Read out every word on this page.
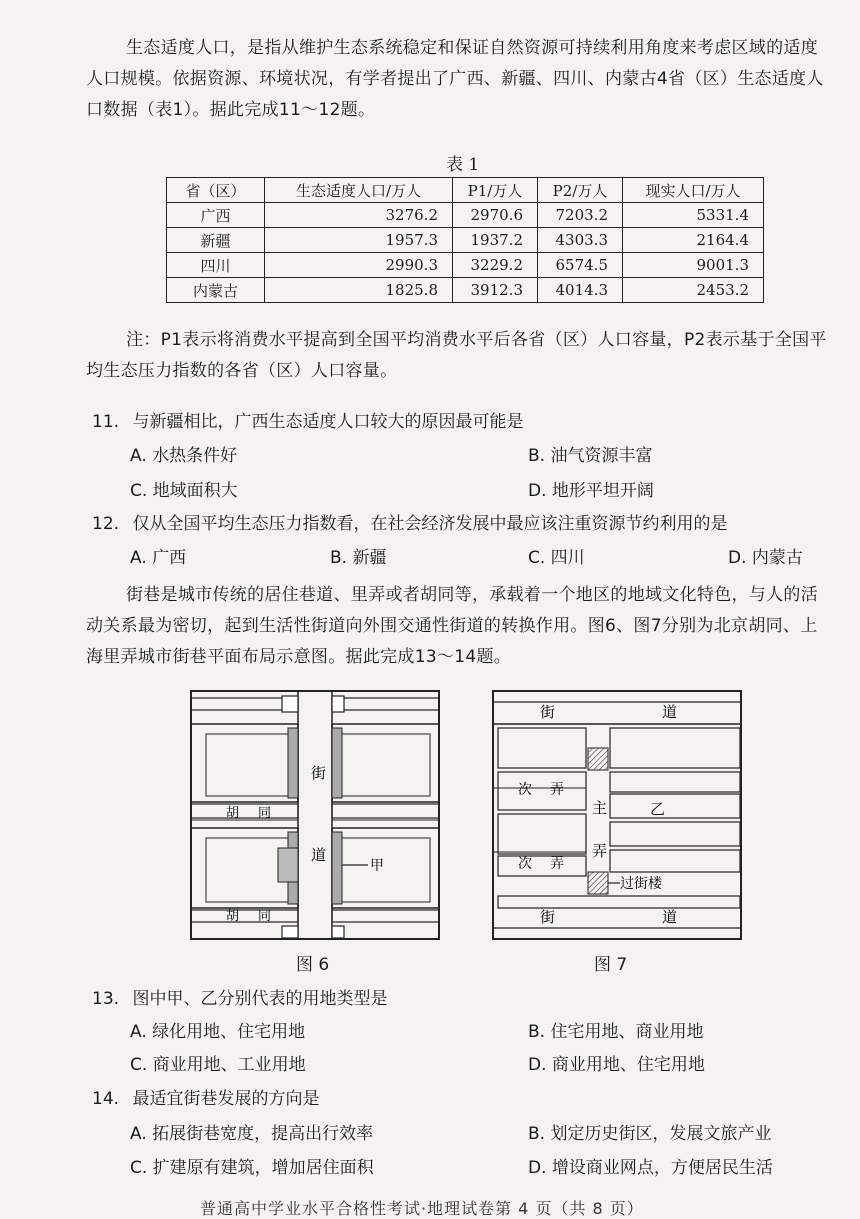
生态适度人口，是指从维护生态系统稳定和保证自然资源可持续利用角度来考虑区域的适度人口规模。依据资源、环境状况，有学者提出了广西、新疆、四川、内蒙古4省（区）生态适度人口数据（表1）。据此完成11～12题。

表 1
省（区）	生态适度人口/万人	P1/万人	P2/万人	现实人口/万人
广西	3276.2	2970.6	7203.2	5331.4
新疆	1957.3	1937.2	4303.3	2164.4
四川	2990.3	3229.2	6574.5	9001.3
内蒙古	1825.8	3912.3	4014.3	2453.2

注：P1表示将消费水平提高到全国平均消费水平后各省（区）人口容量，P2表示基于全国平均生态压力指数的各省（区）人口容量。

11. 与新疆相比，广西生态适度人口较大的原因最可能是
A. 水热条件好	B. 油气资源丰富
C. 地域面积大	D. 地形平坦开阔
12. 仅从全国平均生态压力指数看，在社会经济发展中最应该注重资源节约利用的是
A. 广西	B. 新疆	C. 四川	D. 内蒙古

街巷是城市传统的居住巷道、里弄或者胡同等，承载着一个地区的地域文化特色，与人的活动关系最为密切，起到生活性街道向外围交通性街道的转换作用。图6、图7分别为北京胡同、上海里弄城市街巷平面布局示意图。据此完成13～14题。

街
道
胡 同
胡 同
甲
街	道
次 弄
主
弄
乙
次 弄
过街楼
街	道
图 6	图 7
13. 图中甲、乙分别代表的用地类型是
A. 绿化用地、住宅用地	B. 住宅用地、商业用地
C. 商业用地、工业用地	D. 商业用地、住宅用地
14. 最适宜街巷发展的方向是
A. 拓展街巷宽度，提高出行效率	B. 划定历史街区，发展文旅产业
C. 扩建原有建筑，增加居住面积	D. 增设商业网点，方便居民生活
普通高中学业水平合格性考试·地理试卷第 4 页（共 8 页）
